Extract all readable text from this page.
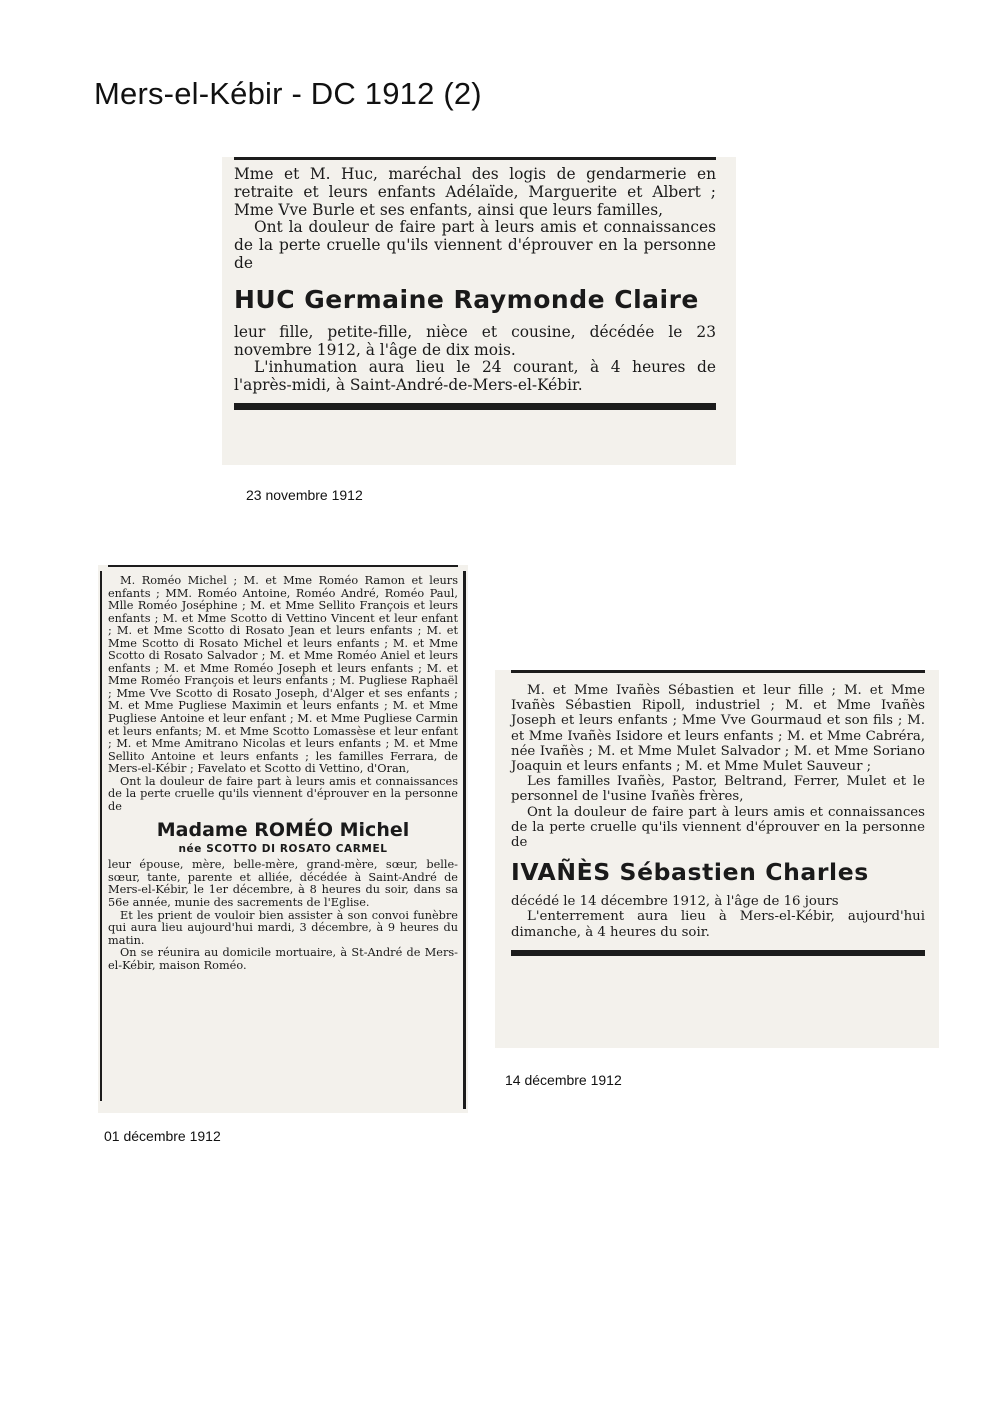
Mers-el-Kébir - DC 1912 (2)

Mme et M. Huc, maréchal des logis de gendarmerie en retraite et leurs enfants Adélaïde, Marguerite et Albert ; Mme Vve Burle et ses enfants, ainsi que leurs familles,

Ont la douleur de faire part à leurs amis et connaissances de la perte cruelle qu'ils viennent d'éprouver en la personne de

HUC Germaine Raymonde Claire

leur fille, petite-fille, nièce et cousine, décédée le 23 novembre 1912, à l'âge de dix mois.

L'inhumation aura lieu le 24 courant, à 4 heures de l'après-midi, à Saint-André-de-Mers-el-Kébir.

23 novembre 1912

M. Roméo Michel ; M. et Mme Roméo Ramon et leurs enfants ; MM. Roméo Antoine, Roméo André, Roméo Paul, Mlle Roméo Joséphine ; M. et Mme Sellito François et leurs enfants ; M. et Mme Scotto di Vettino Vincent et leur enfant ; M. et Mme Scotto di Rosato Jean et leurs enfants ; M. et Mme Scotto di Rosato Michel et leurs enfants ; M. et Mme Scotto di Rosato Salvador ; M. et Mme Roméo Aniel et leurs enfants ; M. et Mme Roméo Joseph et leurs enfants ; M. et Mme Roméo François et leurs enfants ; M. Pugliese Raphaël ; Mme Vve Scotto di Rosato Joseph, d'Alger et ses enfants ; M. et Mme Pugliese Maximin et leurs enfants ; M. et Mme Pugliese Antoine et leur enfant ; M. et Mme Pugliese Carmin et leurs enfants; M. et Mme Scotto Lomassèse et leur enfant ; M. et Mme Amitrano Nicolas et leurs enfants ; M. et Mme Sellito Antoine et leurs enfants ; les familles Ferrara, de Mers-el-Kébir ; Favelato et Scotto di Vettino, d'Oran,

Ont la douleur de faire part à leurs amis et connaissances de la perte cruelle qu'ils viennent d'éprouver en la personne de

Madame ROMÉO Michel
née SCOTTO DI ROSATO CARMEL

leur épouse, mère, belle-mère, grand-mère, sœur, belle-sœur, tante, parente et alliée, décédée à Saint-André de Mers-el-Kébir, le 1er décembre, à 8 heures du soir, dans sa 56e année, munie des sacrements de l'Eglise.

Et les prient de vouloir bien assister à son convoi funèbre qui aura lieu aujourd'hui mardi, 3 décembre, à 9 heures du matin.

On se réunira au domicile mortuaire, à St-André de Mers-el-Kébir, maison Roméo.

01 décembre 1912

M. et Mme Ivañès Sébastien et leur fille ; M. et Mme Ivañès Sébastien Ripoll, industriel ; M. et Mme Ivañès Joseph et leurs enfants ; Mme Vve Gourmaud et son fils ; M. et Mme Ivañès Isidore et leurs enfants ; M. et Mme Cabréra, née Ivañès ; M. et Mme Mulet Salvador ; M. et Mme Soriano Joaquin et leurs enfants ; M. et Mme Mulet Sauveur ;

Les familles Ivañès, Pastor, Beltrand, Ferrer, Mulet et le personnel de l'usine Ivañès frères,

Ont la douleur de faire part à leurs amis et connaissances de la perte cruelle qu'ils viennent d'éprouver en la personne de

IVAÑÈS Sébastien Charles

décédé le 14 décembre 1912, à l'âge de 16 jours

L'enterrement aura lieu à Mers-el-Kébir, aujourd'hui dimanche, à 4 heures du soir.

14 décembre 1912
